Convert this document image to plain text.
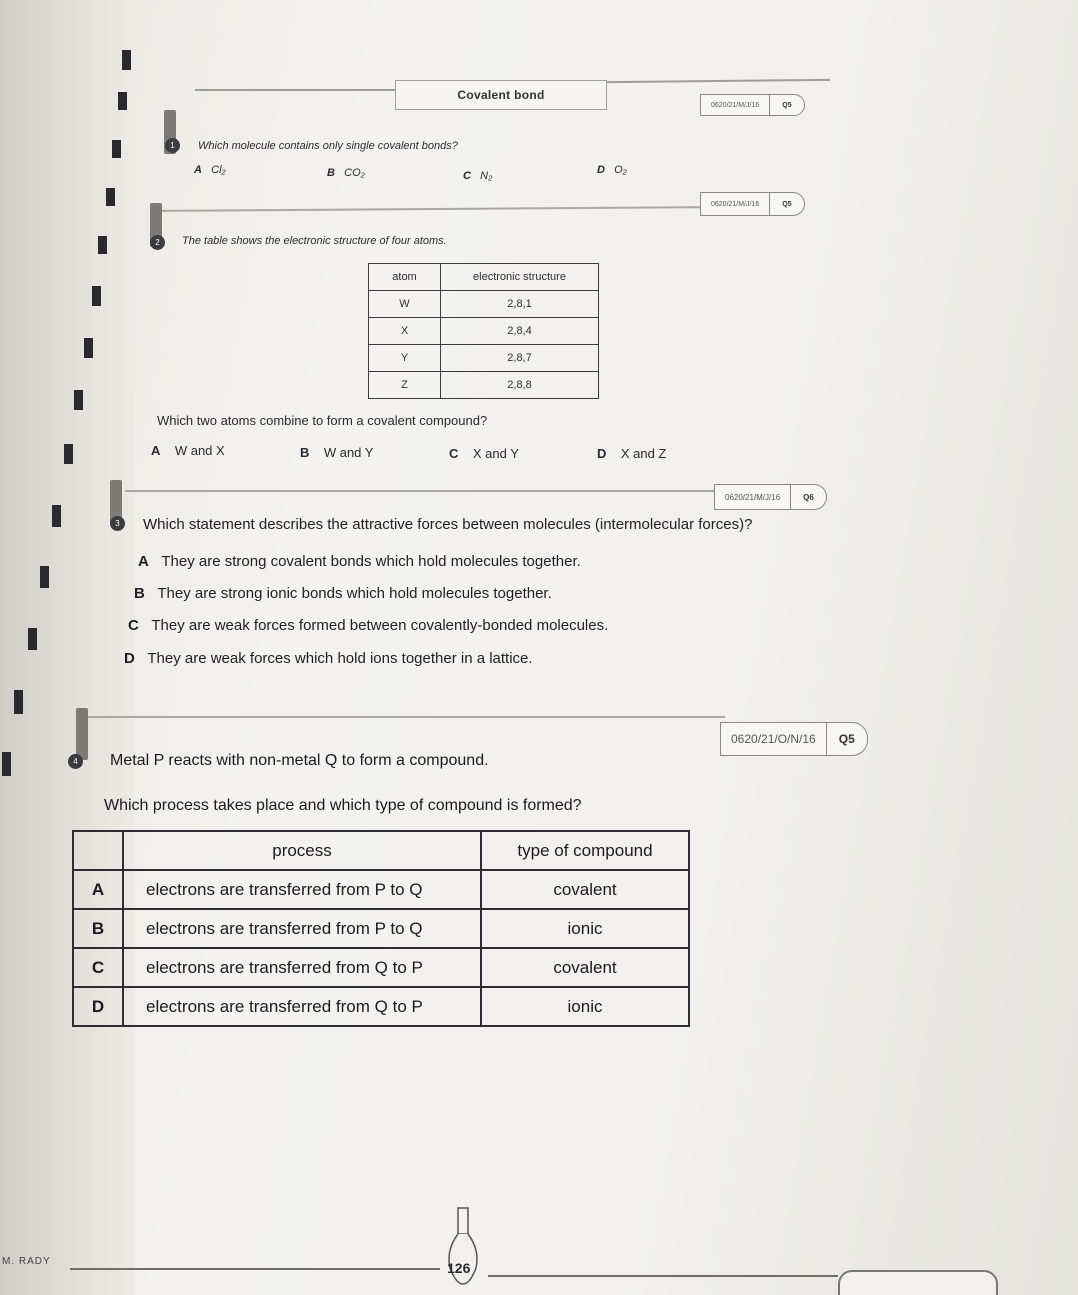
Covalent bond
0620/21/M/J/16	Q5
1	Which molecule contains only single covalent bonds?
A Cl₂	B CO₂	C N₂	D O₂
0620/21/M/J/16	Q5
2	The table shows the electronic structure of four atoms.
atom	electronic structure
W	2,8,1
X	2,8,4
Y	2,8,7
Z	2,8,8
Which two atoms combine to form a covalent compound?
A W and X	B W and Y	C X and Y	D X and Z
0620/21/M/J/16	Q6
3	Which statement describes the attractive forces between molecules (intermolecular forces)?
A They are strong covalent bonds which hold molecules together.
B They are strong ionic bonds which hold molecules together.
C They are weak forces formed between covalently-bonded molecules.
D They are weak forces which hold ions together in a lattice.
0620/21/O/N/16	Q5
4	Metal P reacts with non-metal Q to form a compound.
Which process takes place and which type of compound is formed?
	process	type of compound
A	electrons are transferred from P to Q	covalent
B	electrons are transferred from P to Q	ionic
C	electrons are transferred from Q to P	covalent
D	electrons are transferred from Q to P	ionic
M. RADY	126
